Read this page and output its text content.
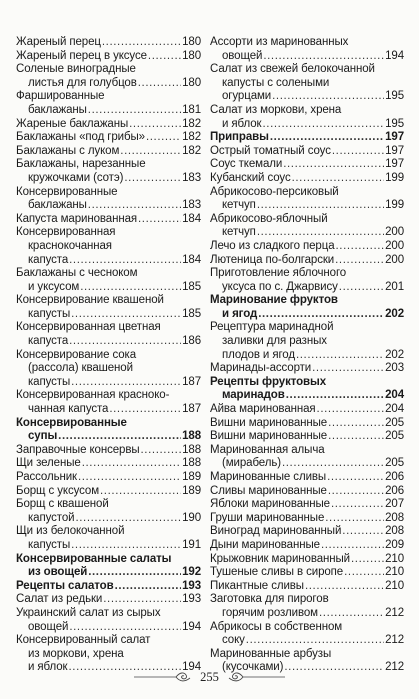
Жареный перец .....	180
Жареный перец в уксусе .....	180
Соленые виноградные
листья для голубцов .....	180
Фаршированные
баклажаны .....	181
Жареные баклажаны .....	182
Баклажаны «под грибы» .....	182
Баклажаны с луком .....	182
Баклажаны, нарезанные
кружочками (сотэ) .....	183
Консервированные
баклажаны .....	183
Капуста маринованная .....	184
Консервированная
краснокочанная
капуста .....	184
Баклажаны с чесноком
и уксусом .....	185
Консервирование квашеной
капусты .....	185
Консервированная цветная
капуста .....	186
Консервирование сока
(рассола) квашеной
капусты .....	187
Консервированная краснoко-
чанная капуста .....	187
Консервированные
супы .....	188
Заправочные консервы .....	188
Щи зеленые .....	188
Рассольник .....	189
Борщ с уксусом .....	189
Борщ с квашеной
капустой .....	190
Щи из белокочанной
капусты .....	191
Консервированные салаты
из овощей .....	192
Рецепты салатов .....	193
Салат из редьки .....	193
Украинский салат из сырых
овощей .....	194
Консервированный салат
из моркови, хрена
и яблок .....	194
Ассорти из маринованных
овощей .....	194
Салат из свежей белокочанной
капусты с солеными
огурцами .....	195
Салат из моркови, хрена
и яблок .....	195
Приправы .....	197
Острый томатный соус .....	197
Соус ткемали .....	197
Кубанский соус .....	199
Абрикосово-персиковый
кетчуп .....	199
Абрикосово-яблочный
кетчуп .....	200
Лечо из сладкого перца .....	200
Лютеница по-болгарски .....	200
Приготовление яблочного
уксуса по с. Джарвису .....	201
Маринование фруктов
и ягод .....	202
Рецептура маринадной
заливки для разных
плодов и ягод .....	202
Маринады-ассорти .....	203
Рецепты фруктовых
маринадов .....	204
Айва маринованная .....	204
Вишни маринованные .....	205
Вишни маринованные .....	205
Маринованная алыча
(мирабель) .....	205
Маринованные сливы .....	206
Сливы маринованные .....	206
Яблоки маринованные .....	207
Груши маринованные .....	208
Виноград маринованный .....	208
Дыни маринованные .....	209
Крыжовник маринованный .....	210
Тушеные сливы в сиропе .....	210
Пикантные сливы .....	210
Заготовка для пирогов
горячим розливом .....	212
Абрикосы в собственном
соку .....	212
Маринованные арбузы
(кусочками) .....	212
255
